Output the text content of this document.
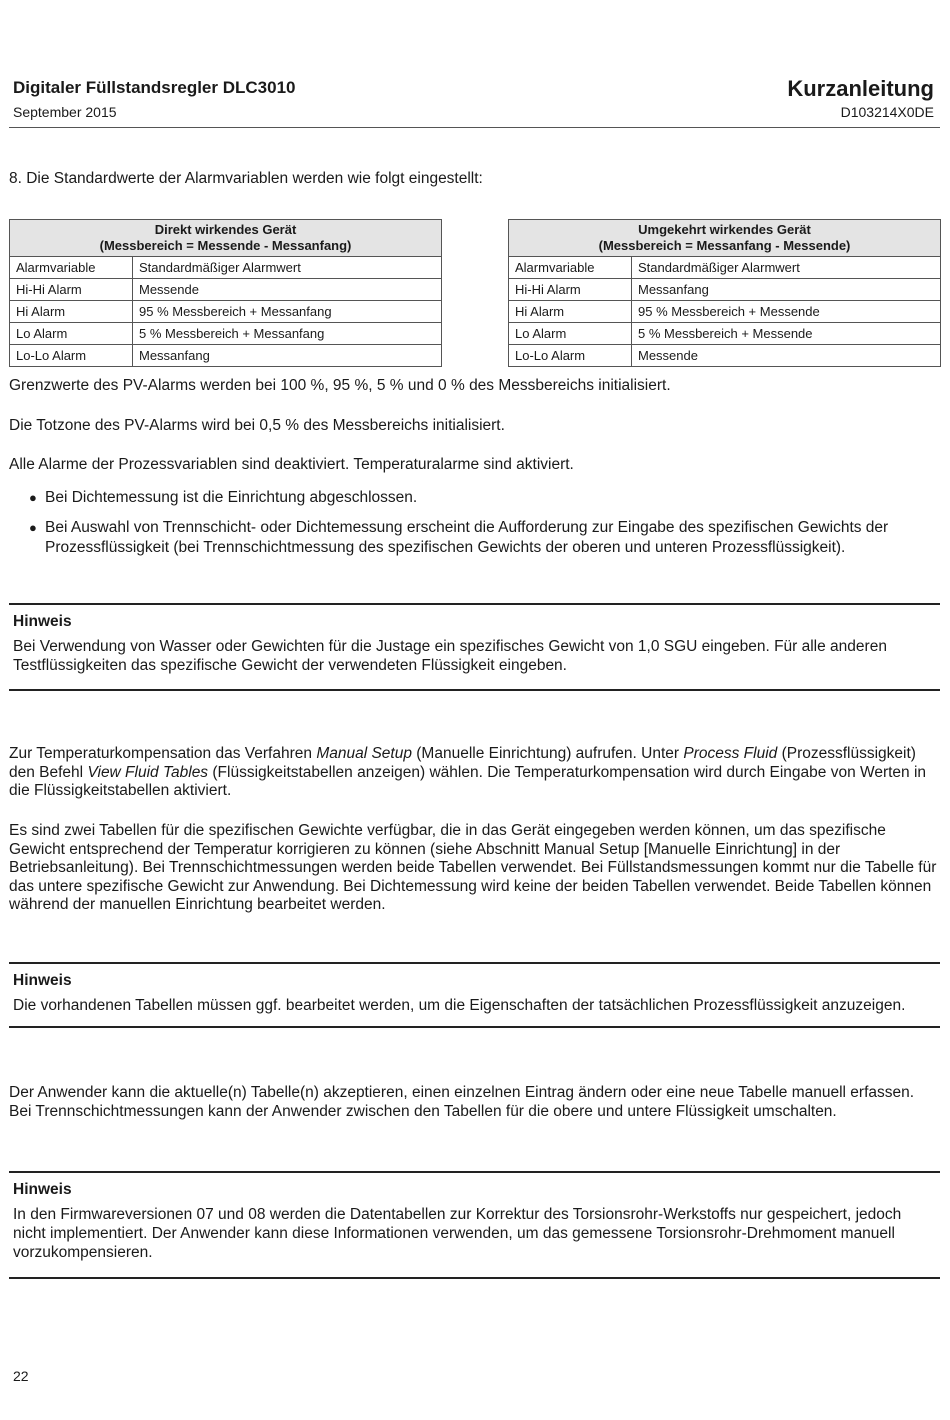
Digitaler Füllstandsregler DLC3010
September 2015
Kurzanleitung
D103214X0DE
8. Die Standardwerte der Alarmvariablen werden wie folgt eingestellt:
Direkt wirkendes Gerät
(Messbereich = Messende - Messanfang)	

Alarmvariable	Standardmäßiger Alarmwert
Hi-Hi Alarm	Messende
Hi Alarm	95 % Messbereich + Messanfang
Lo Alarm	5 % Messbereich + Messanfang
Lo-Lo Alarm	Messanfang
Umgekehrt wirkendes Gerät
(Messbereich = Messanfang - Messende)	

Alarmvariable	Standardmäßiger Alarmwert
Hi-Hi Alarm	Messanfang
Hi Alarm	95 % Messbereich + Messende
Lo Alarm	5 % Messbereich + Messende
Lo-Lo Alarm	Messende

Grenzwerte des PV-Alarms werden bei 100 %, 95 %, 5 % und 0 % des Messbereichs initialisiert.

Die Totzone des PV-Alarms wird bei 0,5 % des Messbereichs initialisiert.

Alle Alarme der Prozessvariablen sind deaktiviert. Temperaturalarme sind aktiviert.

● Bei Dichtemessung ist die Einrichtung abgeschlossen.
● Bei Auswahl von Trennschicht- oder Dichtemessung erscheint die Aufforderung zur Eingabe des spezifischen Gewichts der Prozessflüssigkeit (bei Trennschichtmessung des spezifischen Gewichts der oberen und unteren Prozessflüssigkeit).
Hinweis
Bei Verwendung von Wasser oder Gewichten für die Justage ein spezifisches Gewicht von 1,0 SGU eingeben. Für alle anderen Testflüssigkeiten das spezifische Gewicht der verwendeten Flüssigkeit eingeben.

Zur Temperaturkompensation das Verfahren Manual Setup (Manuelle Einrichtung) aufrufen. Unter Process Fluid (Prozessflüssigkeit) den Befehl View Fluid Tables (Flüssigkeitstabellen anzeigen) wählen. Die Temperaturkompensation wird durch Eingabe von Werten in die Flüssigkeitstabellen aktiviert.

Es sind zwei Tabellen für die spezifischen Gewichte verfügbar, die in das Gerät eingegeben werden können, um das spezifische Gewicht entsprechend der Temperatur korrigieren zu können (siehe Abschnitt Manual Setup [Manuelle Einrichtung] in der Betriebsanleitung). Bei Trennschichtmessungen werden beide Tabellen verwendet. Bei Füllstandsmessungen kommt nur die Tabelle für das untere spezifische Gewicht zur Anwendung. Bei Dichtemessung wird keine der beiden Tabellen verwendet. Beide Tabellen können während der manuellen Einrichtung bearbeitet werden.

Hinweis
Die vorhandenen Tabellen müssen ggf. bearbeitet werden, um die Eigenschaften der tatsächlichen Prozessflüssigkeit anzuzeigen.

Der Anwender kann die aktuelle(n) Tabelle(n) akzeptieren, einen einzelnen Eintrag ändern oder eine neue Tabelle manuell erfassen. Bei Trennschichtmessungen kann der Anwender zwischen den Tabellen für die obere und untere Flüssigkeit umschalten.

Hinweis
In den Firmwareversionen 07 und 08 werden die Datentabellen zur Korrektur des Torsionsrohr-Werkstoffs nur gespeichert, jedoch nicht implementiert. Der Anwender kann diese Informationen verwenden, um das gemessene Torsionsrohr-Drehmoment manuell vorzukompensieren.
22
